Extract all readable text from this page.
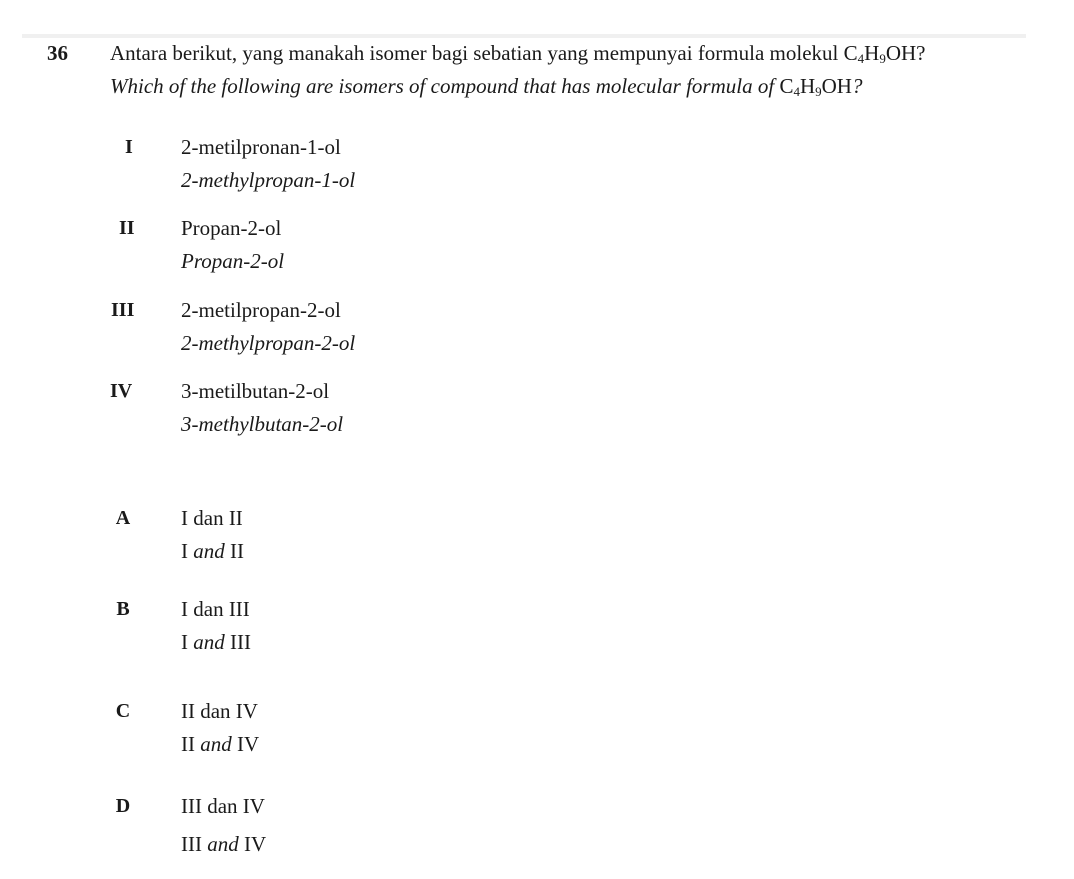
36 Antara berikut, yang manakah isomer bagi sebatian yang mempunyai formula molekul $C_4H_9OH$?
Which of the following are isomers of compound that has molecular formula of $C_4H_9OH$?
I 2-metilpronan-1-ol
2-methylpropan-1-ol
II Propan-2-ol
Propan-2-ol
III 2-metilpropan-2-ol
2-methylpropan-2-ol
IV 3-metilbutan-2-ol
3-methylbutan-2-ol
A I dan II
I and II
B I dan III
I and III
C II dan IV
II and IV
D III dan IV
III and IV
